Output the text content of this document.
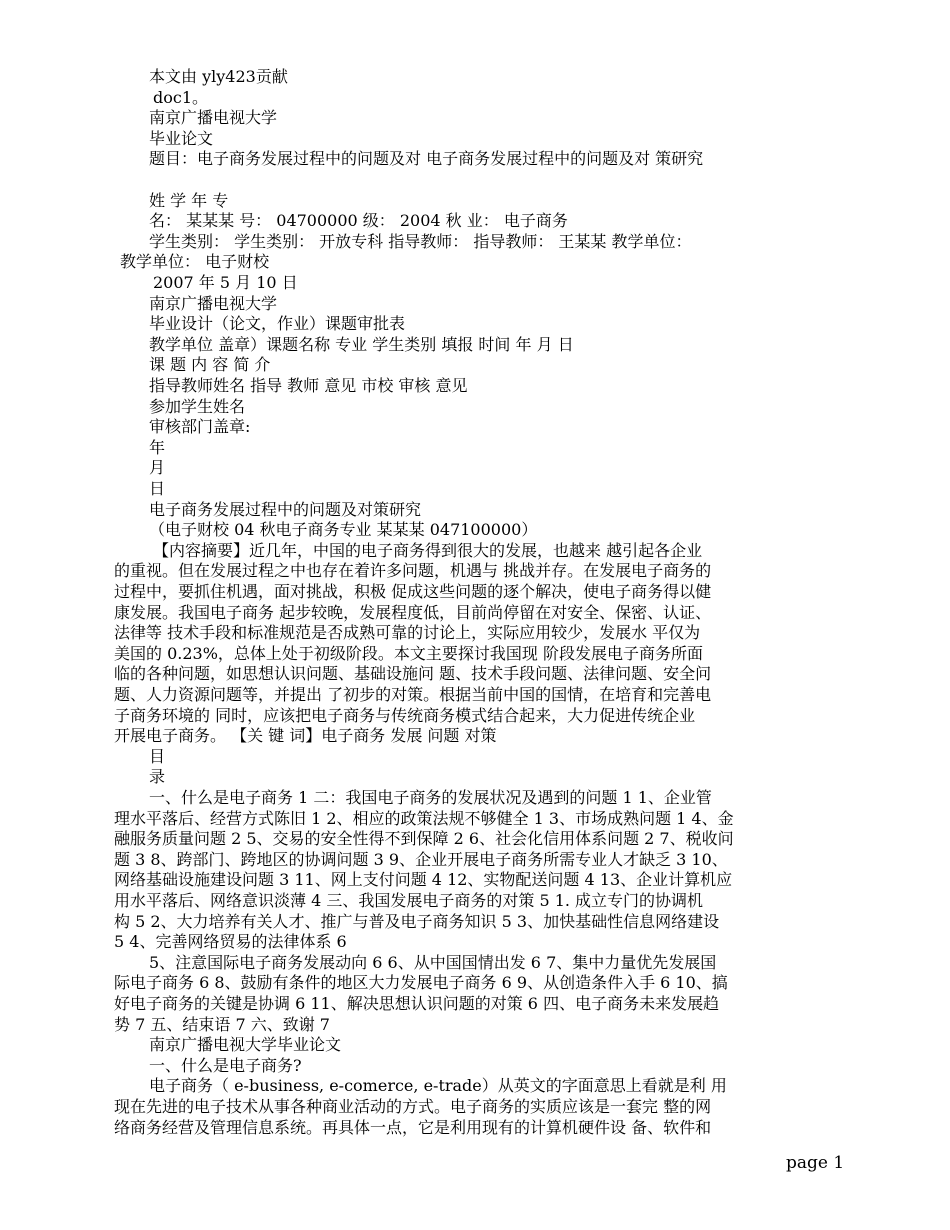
本文由 yly423贡献
doc1。
南京广播电视大学
毕业论文
题目：电子商务发展过程中的问题及对 电子商务发展过程中的问题及对 策研究
姓 学 年 专
名： 某某某 号： 04700000 级： 2004 秋 业： 电子商务
学生类别： 学生类别： 开放专科 指导教师： 指导教师： 王某某 教学单位：
教学单位： 电子财校
2007 年 5 月 10 日
南京广播电视大学
毕业设计（论文，作业）课题审批表
教学单位 盖章）课题名称 专业 学生类别 填报 时间 年 月 日
课 题 内 容 简 介
指导教师姓名 指导 教师 意见 市校 审核 意见
参加学生姓名
审核部门盖章:
年
月
日
电子商务发展过程中的问题及对策研究
（电子财校 04 秋电子商务专业 某某某 047100000）
【内容摘要】近几年，中国的电子商务得到很大的发展，也越来 越引起各企业
的重视。但在发展过程之中也存在着许多问题，机遇与 挑战并存。在发展电子商务的
过程中，要抓住机遇，面对挑战，积极 促成这些问题的逐个解决，使电子商务得以健
康发展。我国电子商务 起步较晚，发展程度低，目前尚停留在对安全、保密、认证、
法律等 技术手段和标准规范是否成熟可靠的讨论上，实际应用较少，发展水 平仅为
美国的 0.23%，总体上处于初级阶段。本文主要探讨我国现 阶段发展电子商务所面
临的各种问题，如思想认识问题、基础设施问 题、技术手段问题、法律问题、安全问
题、人力资源问题等，并提出 了初步的对策。根据当前中国的国情，在培育和完善电
子商务环境的 同时，应该把电子商务与传统商务模式结合起来，大力促进传统企业
开展电子商务。 【关 键 词】电子商务 发展 问题 对策
目
录
一、什么是电子商务 1 二：我国电子商务的发展状况及遇到的问题 1 1、企业管
理水平落后、经营方式陈旧 1 2、相应的政策法规不够健全 1 3、市场成熟问题 1 4、金
融服务质量问题 2 5、交易的安全性得不到保障 2 6、社会化信用体系问题 2 7、税收问
题 3 8、跨部门、跨地区的协调问题 3 9、企业开展电子商务所需专业人才缺乏 3 10、
网络基础设施建设问题 3 11、网上支付问题 4 12、实物配送问题 4 13、企业计算机应
用水平落后、网络意识淡薄 4 三、我国发展电子商务的对策 5 1. 成立专门的协调机
构 5 2、大力培养有关人才、推广与普及电子商务知识 5 3、加快基础性信息网络建设
5 4、完善网络贸易的法律体系 6
5、注意国际电子商务发展动向 6 6、从中国国情出发 6 7、集中力量优先发展国
际电子商务 6 8、鼓励有条件的地区大力发展电子商务 6 9、从创造条件入手 6 10、搞
好电子商务的关键是协调 6 11、解决思想认识问题的对策 6 四、电子商务未来发展趋
势 7 五、结束语 7 六、致谢 7
南京广播电视大学毕业论文
一、什么是电子商务?
电子商务（ e-business, e-comerce, e-trade）从英文的字面意思上看就是利 用
现在先进的电子技术从事各种商业活动的方式。电子商务的实质应该是一套完 整的网
络商务经营及管理信息系统。再具体一点，它是利用现有的计算机硬件设 备、软件和
page 1
